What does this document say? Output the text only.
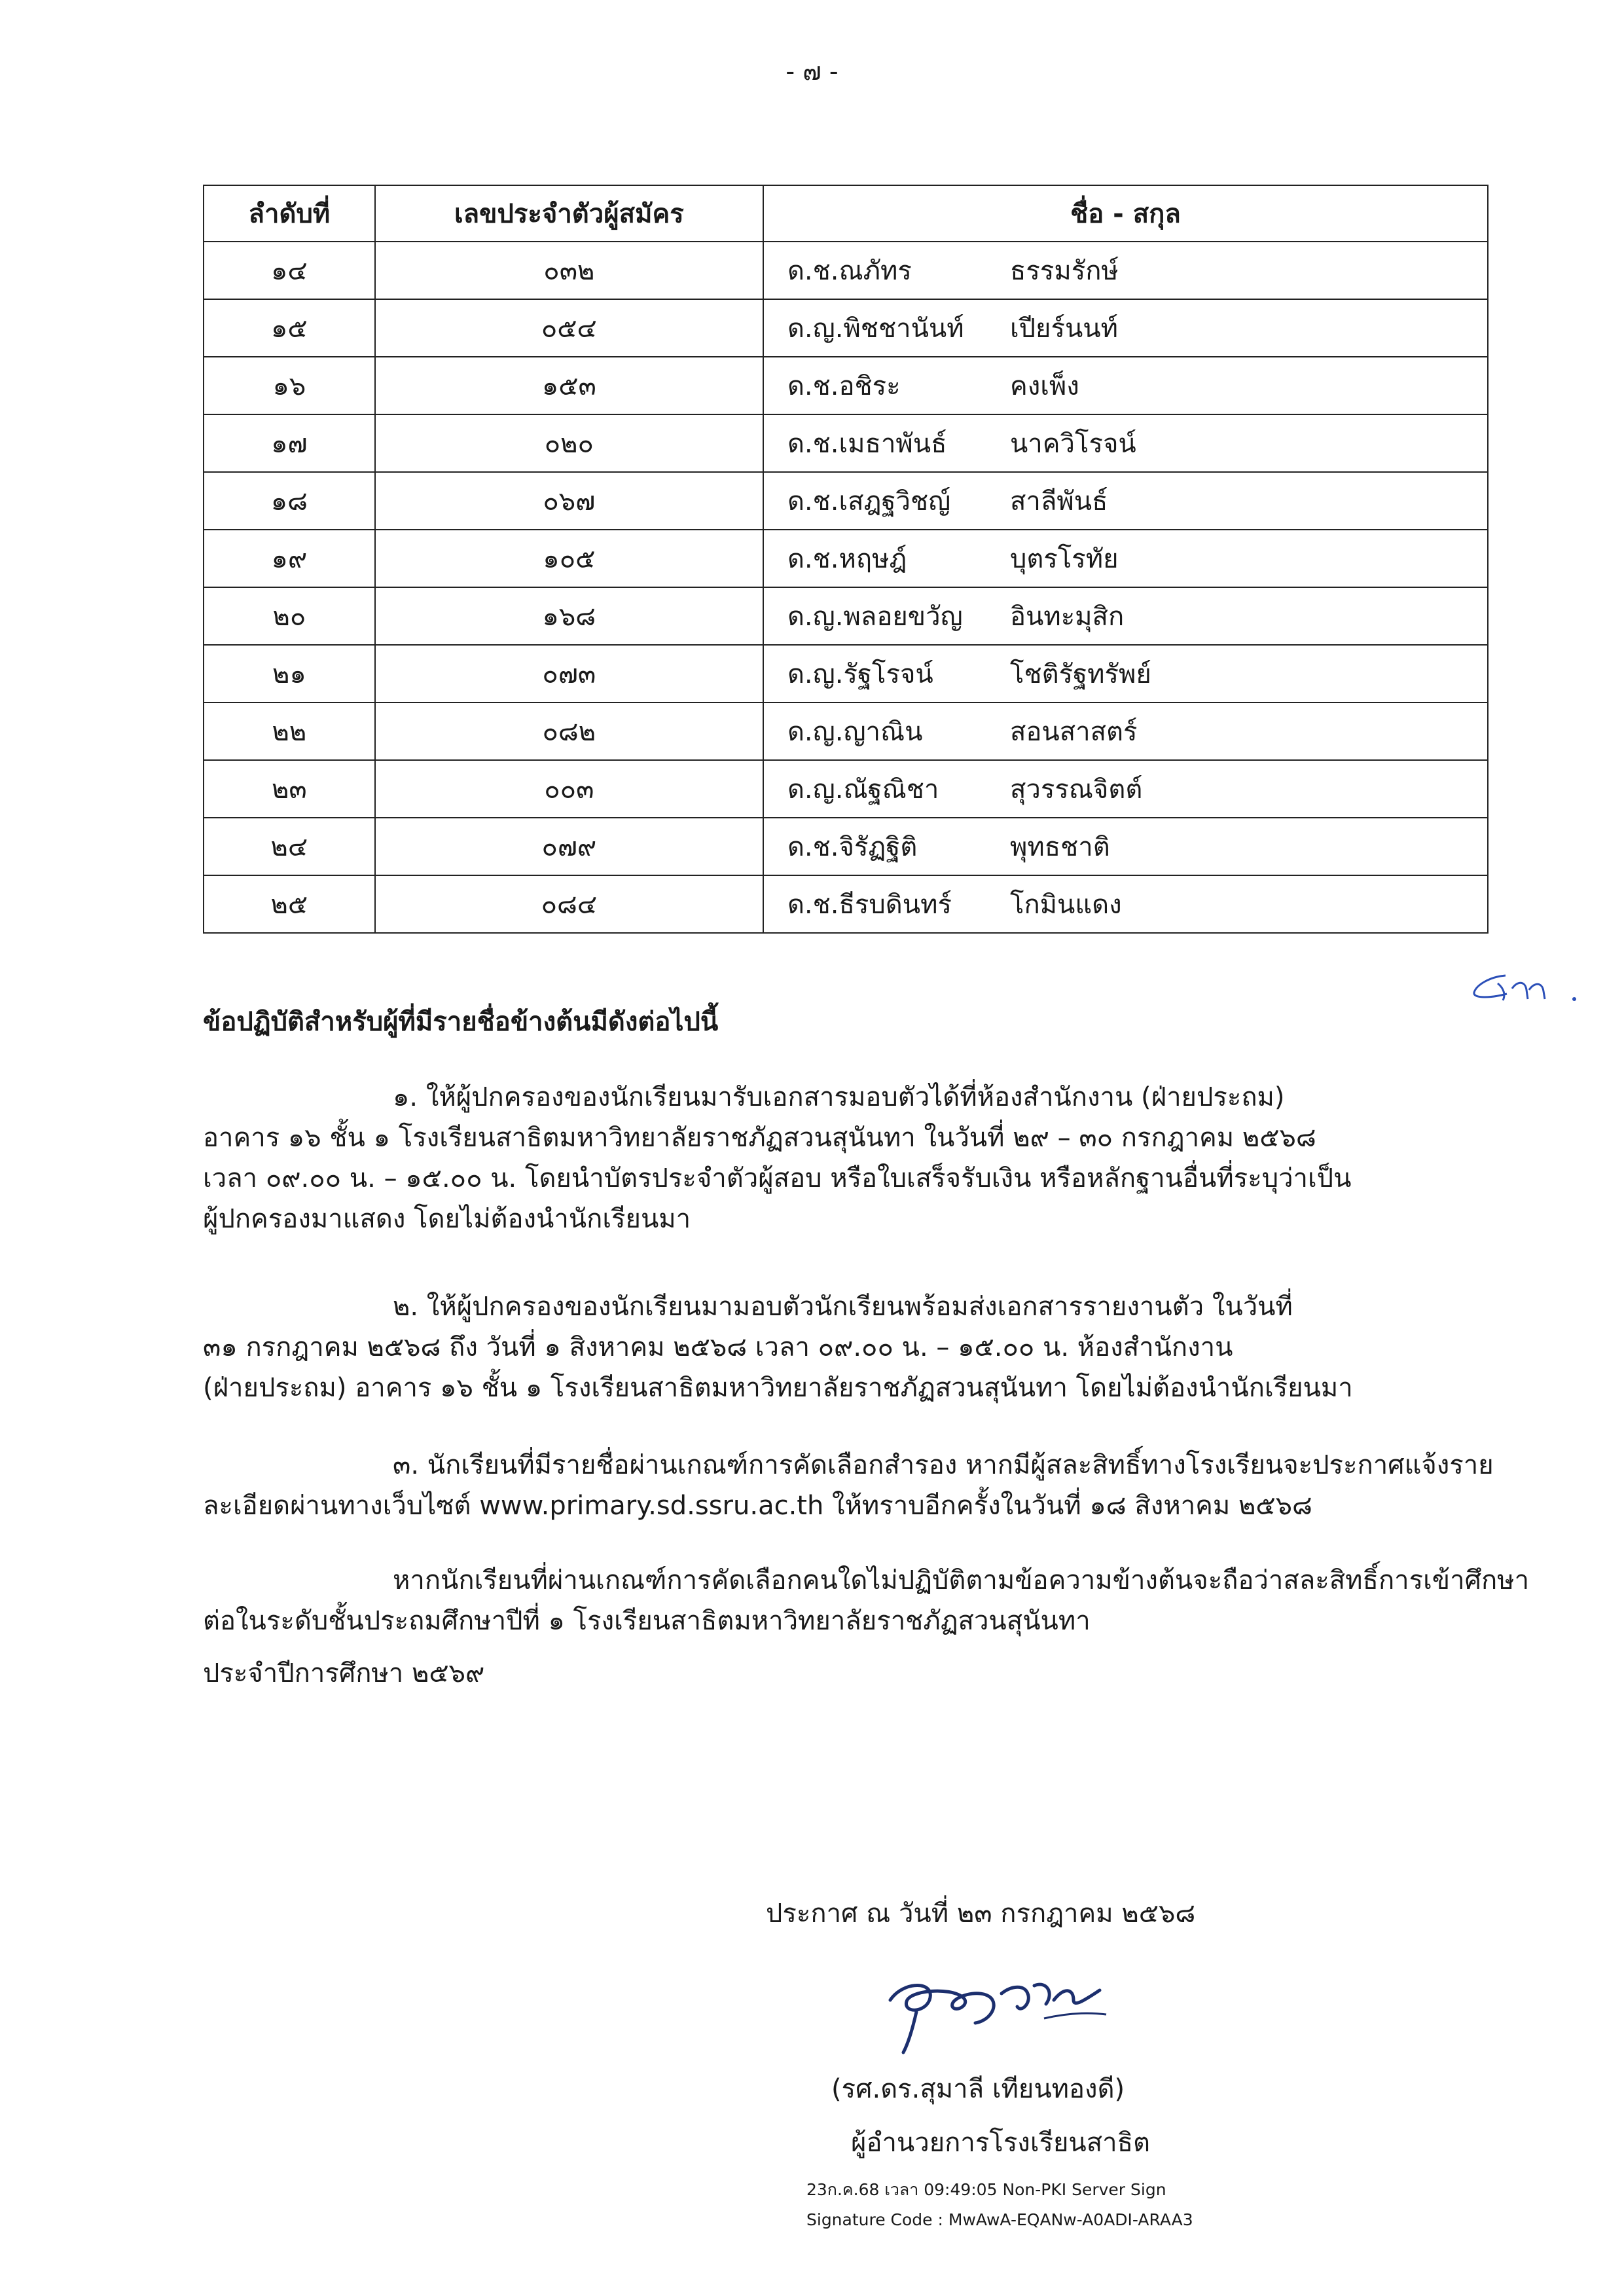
- ๗ -
ลำดับที่	เลขประจำตัวผู้สมัคร	ชื่อ - สกุล
๑๔	๐๓๒	ด.ช.ณภัทร ธรรมรักษ์

๑๕	๐๕๔	ด.ญ.พิชชานันท์ เปียร์นนท์

๑๖	๑๕๓	ด.ช.อชิระ คงเพ็ง

๑๗	๐๒๐	ด.ช.เมธาพันธ์ นาควิโรจน์

๑๘	๐๖๗	ด.ช.เสฎฐวิชญ์ สาลีพันธ์

๑๙	๑๐๕	ด.ช.หฤษฎ์ บุตรโรทัย

๒๐	๑๖๘	ด.ญ.พลอยขวัญ อินทะมุสิก

๒๑	๐๗๓	ด.ญ.รัฐโรจน์ โชติรัฐทรัพย์

๒๒	๐๘๒	ด.ญ.ญาณิน สอนสาสตร์

๒๓	๐๐๓	ด.ญ.ณัฐณิชา สุวรรณจิตต์

๒๔	๐๗๙	ด.ช.จิรัฏฐิติ พุทธชาติ

๒๕	๐๘๔	ด.ช.ธีรบดินทร์ โกมินแดง
ข้อปฏิบัติสำหรับผู้ที่มีรายชื่อข้างต้นมีดังต่อไปนี้
๑. ให้ผู้ปกครองของนักเรียนมารับเอกสารมอบตัวได้ที่ห้องสำนักงาน (ฝ่ายประถม)
อาคาร ๑๖ ชั้น ๑ โรงเรียนสาธิตมหาวิทยาลัยราชภัฏสวนสุนันทา ในวันที่ ๒๙ – ๓๐ กรกฎาคม ๒๕๖๘
เวลา ๐๙.๐๐ น. – ๑๕.๐๐ น. โดยนำบัตรประจำตัวผู้สอบ หรือใบเสร็จรับเงิน หรือหลักฐานอื่นที่ระบุว่าเป็น
ผู้ปกครองมาแสดง โดยไม่ต้องนำนักเรียนมา
๒. ให้ผู้ปกครองของนักเรียนมามอบตัวนักเรียนพร้อมส่งเอกสารรายงานตัว ในวันที่
๓๑ กรกฎาคม ๒๕๖๘ ถึง วันที่ ๑ สิงหาคม ๒๕๖๘ เวลา ๐๙.๐๐ น. – ๑๕.๐๐ น. ห้องสำนักงาน
(ฝ่ายประถม) อาคาร ๑๖ ชั้น ๑ โรงเรียนสาธิตมหาวิทยาลัยราชภัฏสวนสุนันทา โดยไม่ต้องนำนักเรียนมา
๓. นักเรียนที่มีรายชื่อผ่านเกณฑ์การคัดเลือกสำรอง หากมีผู้สละสิทธิ์ทางโรงเรียนจะประกาศแจ้งราย
ละเอียดผ่านทางเว็บไซต์ www.primary.sd.ssru.ac.th ให้ทราบอีกครั้งในวันที่ ๑๘ สิงหาคม ๒๕๖๘
หากนักเรียนที่ผ่านเกณฑ์การคัดเลือกคนใดไม่ปฏิบัติตามข้อความข้างต้นจะถือว่าสละสิทธิ์การเข้าศึกษา
ต่อในระดับชั้นประถมศึกษาปีที่ ๑ โรงเรียนสาธิตมหาวิทยาลัยราชภัฏสวนสุนันทา
ประจำปีการศึกษา ๒๕๖๙
ประกาศ ณ วันที่ ๒๓ กรกฎาคม ๒๕๖๘
(รศ.ดร.สุมาลี เทียนทองดี)
ผู้อำนวยการโรงเรียนสาธิต
23ก.ค.68 เวลา 09:49:05 Non-PKI Server Sign
Signature Code : MwAwA-EQANw-A0ADI-ARAA3
